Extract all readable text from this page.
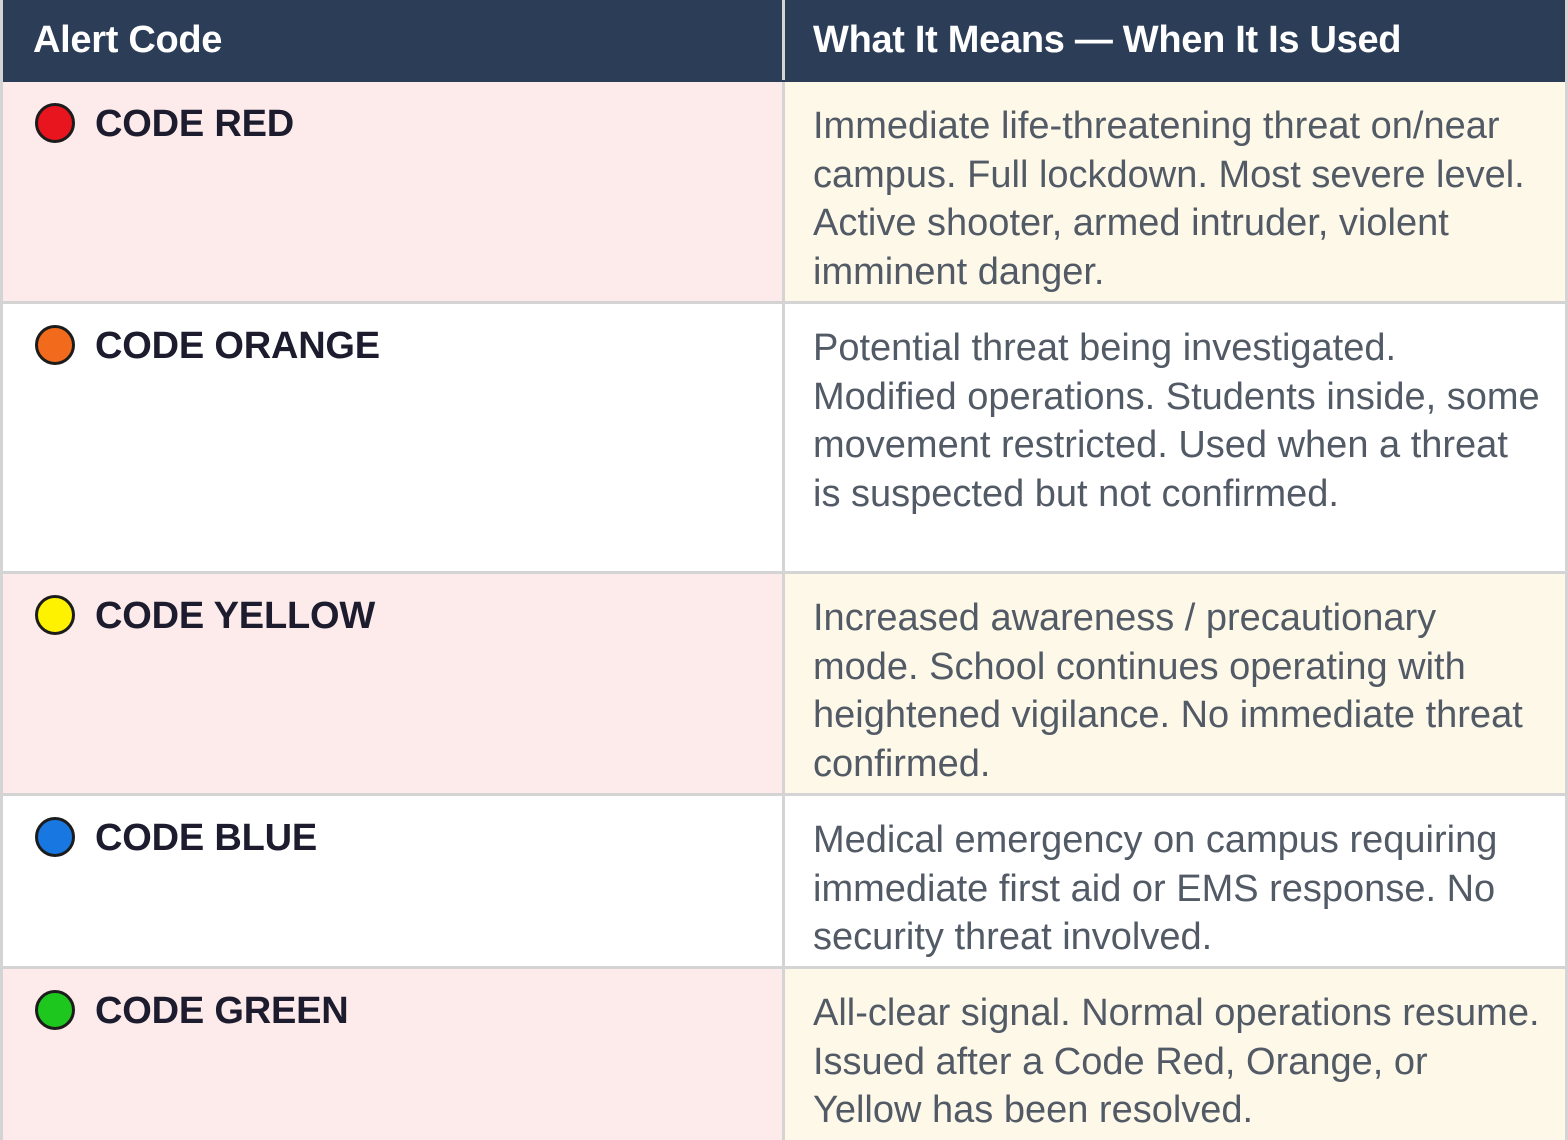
Alert Code	What It Means — When It Is Used
CODE RED	Immediate life-threatening threat on/near campus. Full lockdown. Most severe level. Active shooter, armed intruder, violent imminent danger.
CODE ORANGE	Potential threat being investigated. Modified operations. Students inside, some movement restricted. Used when a threat is suspected but not confirmed.
CODE YELLOW	Increased awareness / precautionary mode. School continues operating with heightened vigilance. No immediate threat confirmed.
CODE BLUE	Medical emergency on campus requiring immediate first aid or EMS response. No security threat involved.
CODE GREEN	All-clear signal. Normal operations resume. Issued after a Code Red, Orange, or Yellow has been resolved.
